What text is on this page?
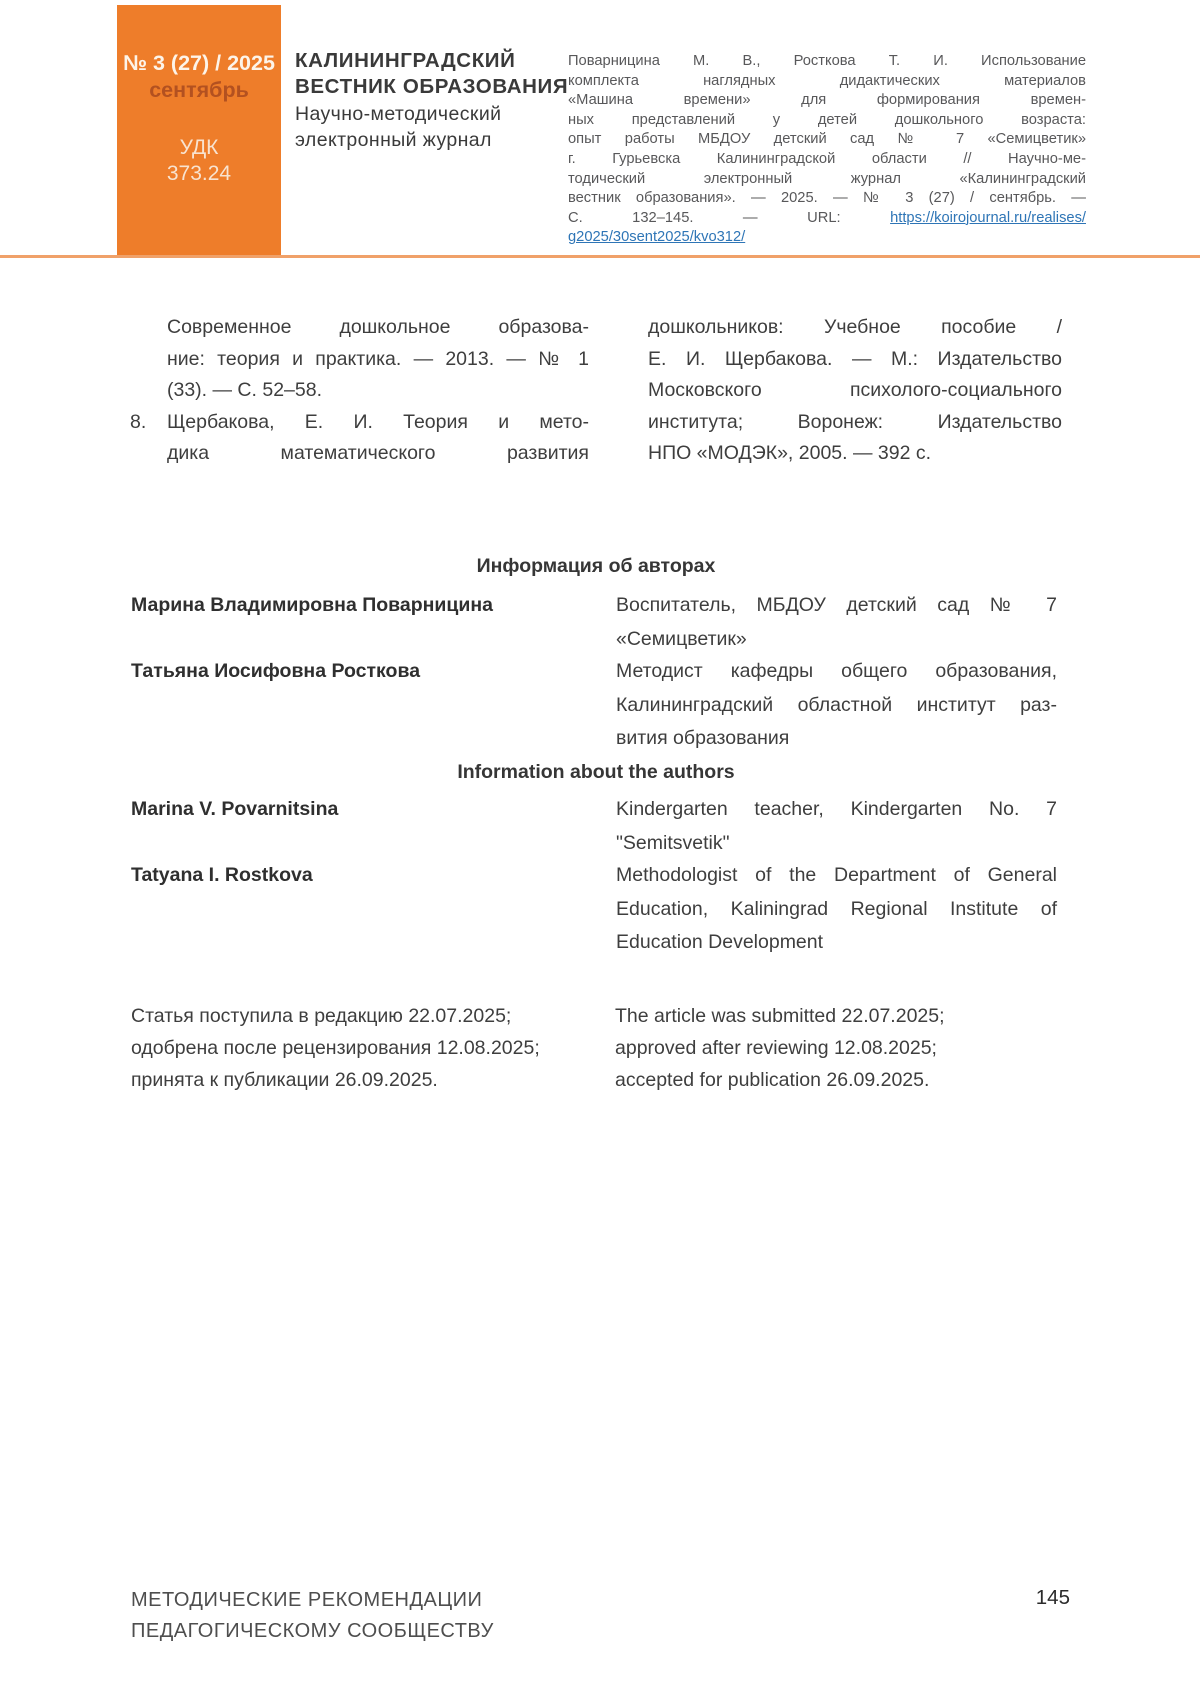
№ 3 (27) / 2025
сентябрь
УДК
373.24
КАЛИНИНГРАДСКИЙ
ВЕСТНИК ОБРАЗОВАНИЯ
Научно-методический
электронный журнал
Поварницина М. В., Росткова Т. И. Использование
комплекта наглядных дидактических материалов
«Машина времени» для формирования времен-
ных представлений у детей дошкольного возраста:
опыт работы МБДОУ детский сад № 7 «Семицветик»
г. Гурьевска Калининградской области // Научно-ме-
тодический электронный журнал «Калининградский
вестник образования». — 2025. — № 3 (27) / сентябрь. —
С. 132–145. — URL: https://koirojournal.ru/realises/
g2025/30sent2025/kvo312/
Современное дошкольное образова-
ние: теория и практика. — 2013. — № 1
(33). — С. 52–58.
8. Щербакова, Е. И. Теория и мето-
дика математического развития
дошкольников: Учебное пособие /
Е. И. Щербакова. — М.: Издательство
Московского психолого-социального
института; Воронеж: Издательство
НПО «МОДЭК», 2005. — 392 с.
Информация об авторах
Марина Владимировна Поварницина	Воспитатель, МБДОУ детский сад № 7
«Семицветик»
Татьяна Иосифовна Росткова	Методист кафедры общего образования,
Калининградский областной институт раз-
вития образования
Information about the authors
Marina V. Povarnitsina	Kindergarten teacher, Kindergarten No. 7
"Semitsvetik"
Tatyana I. Rostkova	Methodologist of the Department of General
Education, Kaliningrad Regional Institute of
Education Development
Статья поступила в редакцию 22.07.2025;
одобрена после рецензирования 12.08.2025;
принята к публикации 26.09.2025.
The article was submitted 22.07.2025;
approved after reviewing 12.08.2025;
accepted for publication 26.09.2025.
МЕТОДИЧЕСКИЕ РЕКОМЕНДАЦИИ
ПЕДАГОГИЧЕСКОМУ СООБЩЕСТВУ
145
